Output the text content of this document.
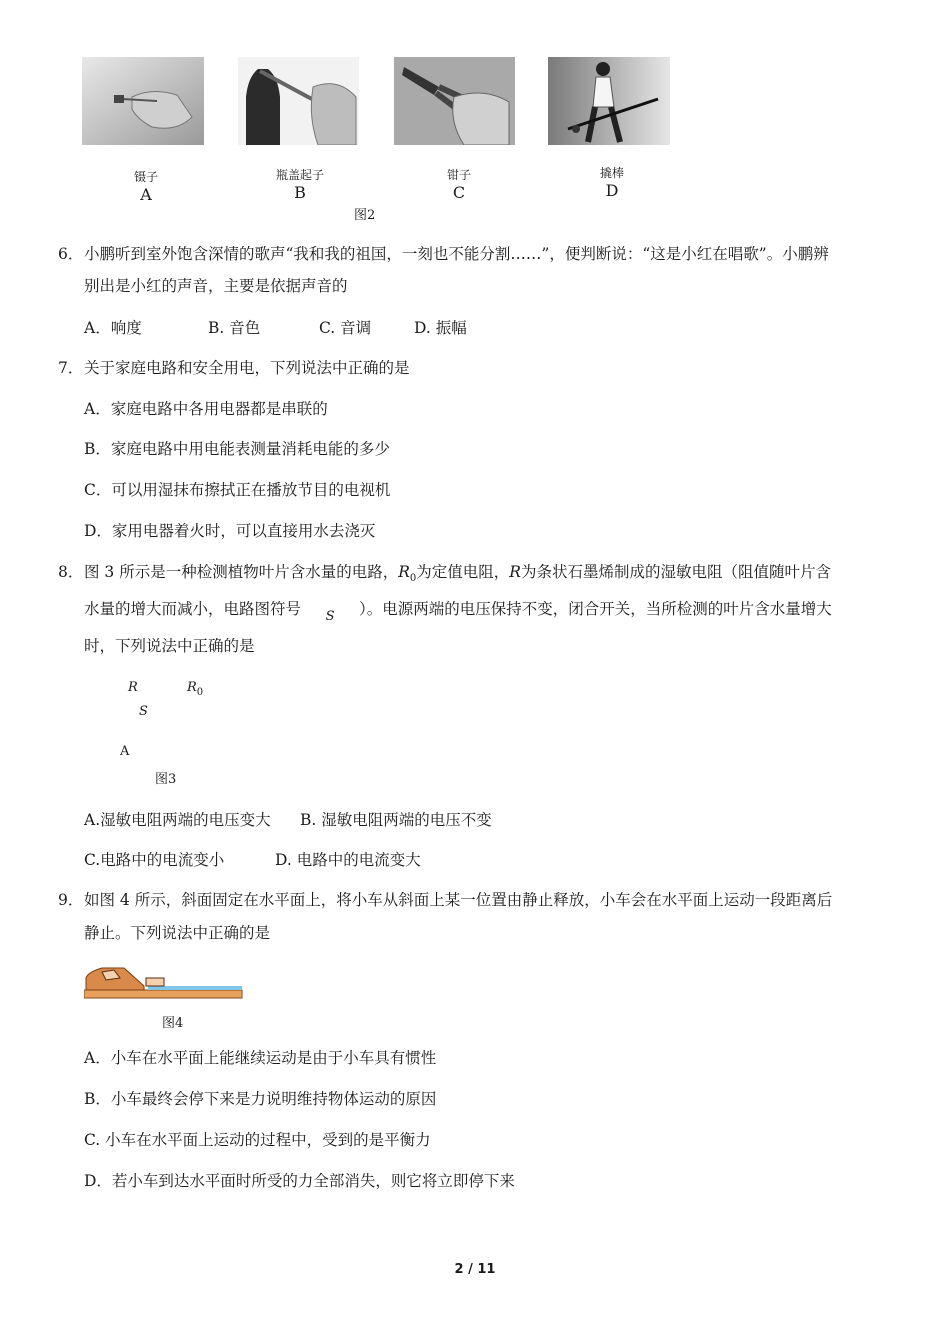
镊子
A
瓶盖起子
B
钳子
C
撬棒
D
图2
6．小鹏听到室外饱含深情的歌声“我和我的祖国，一刻也不能分割……”，便判断说：“这是小红在唱歌”。小鹏辨
别出是小红的声音，主要是依据声音的
A．响度	B. 音色	C. 音调	D. 振幅
7．关于家庭电路和安全用电，下列说法中正确的是
A．家庭电路中各用电器都是串联的
B．家庭电路中用电能表测量消耗电能的多少
C．可以用湿抹布擦拭正在播放节目的电视机
D．家用电器着火时，可以直接用水去浇灭
8．图 3 所示是一种检测植物叶片含水量的电路，$R_0$为定值电阻，R为条状石墨烯制成的湿敏电阻（阻值随叶片含
水量的增大而减小，电路图符号 S ）。电源两端的电压保持不变，闭合开关，当所检测的叶片含水量增大
时，下列说法中正确的是
R	$R_0$
S
A
图3
A.湿敏电阻两端的电压变大 B. 湿敏电阻两端的电压不变
C.电路中的电流变小	D. 电路中的电流变大
9．如图 4 所示，斜面固定在水平面上，将小车从斜面上某一位置由静止释放，小车会在水平面上运动一段距离后
静止。下列说法中正确的是
图4
A．小车在水平面上能继续运动是由于小车具有惯性
B．小车最终会停下来是力说明维持物体运动的原因
C. 小车在水平面上运动的过程中，受到的是平衡力
D．若小车到达水平面时所受的力全部消失，则它将立即停下来
2 / 11
